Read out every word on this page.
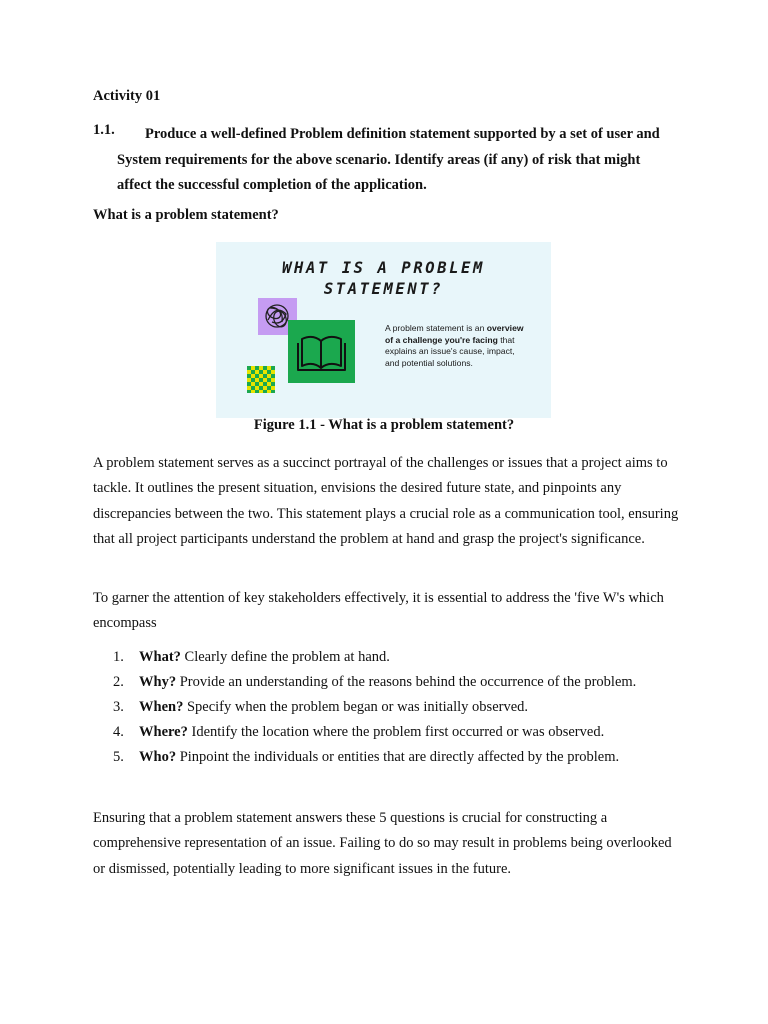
Activity 01
1.1.	Produce a well-defined Problem definition statement supported by a set of user and System requirements for the above scenario. Identify areas (if any) of risk that might affect the successful completion of the application.
What is a problem statement?
WHAT IS A PROBLEM
STATEMENT?
A problem statement is an overview of a challenge you're facing that explains an issue's cause, impact, and potential solutions.
Figure 1.1 - What is a problem statement?
A problem statement serves as a succinct portrayal of the challenges or issues that a project aims to tackle. It outlines the present situation, envisions the desired future state, and pinpoints any discrepancies between the two. This statement plays a crucial role as a communication tool, ensuring that all project participants understand the problem at hand and grasp the project's significance.
To garner the attention of key stakeholders effectively, it is essential to address the 'five W's which encompass
1. What? Clearly define the problem at hand.
2. Why? Provide an understanding of the reasons behind the occurrence of the problem.
3. When? Specify when the problem began or was initially observed.
4. Where? Identify the location where the problem first occurred or was observed.
5. Who? Pinpoint the individuals or entities that are directly affected by the problem.
Ensuring that a problem statement answers these 5 questions is crucial for constructing a comprehensive representation of an issue. Failing to do so may result in problems being overlooked or dismissed, potentially leading to more significant issues in the future.
